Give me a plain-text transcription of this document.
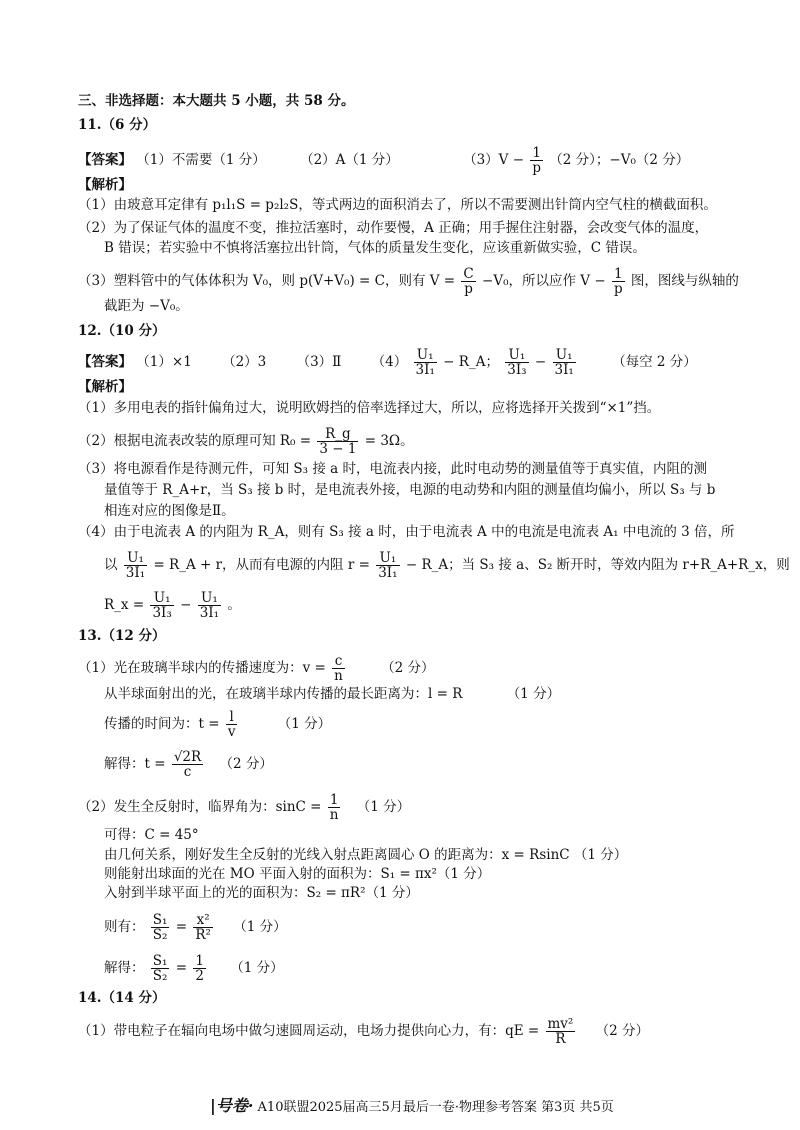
三、非选择题：本大题共 5 小题，共 58 分。
11.（6 分）
【答案】 （1）不需要（1 分）	（2）A（1 分）	$(3)V - \frac{1}{p} (2$ 分）；−V₀（2 分）
【解析】
（1）由玻意耳定律有 p₁l₁S = p₂l₂S，等式两边的面积消去了，所以不需要测出针筒内空气柱的横截面积。
（2）为了保证气体的温度不变，推拉活塞时，动作要慢，A 正确；用手握住注射器，会改变气体的温度，
B 错误；若实验中不慎将活塞拉出针筒，气体的质量发生变化，应该重新做实验，C 错误。
（3）塑料管中的气体体积为 V₀，则 p(V+V₀) = C，则有 $V = \frac{C}{p} -V_0$，所以应作 $V - \frac{1}{p}$ 图，图线与纵轴的
截距为 −V₀。
12.（10 分）
【答案】 （1）×1 （2）3 （3）Ⅱ $(4) \frac{\text{U₁}}{\text{3I₁}}$ − R_A； $\frac{\text{U₁}}{\text{3I₃}} - \frac{\text{U₁}}{\text{3I₁}}$	（每空 2 分）
【解析】
（1）多用电表的指针偏角过大，说明欧姆挡的倍率选择过大，所以，应将选择开关拨到“×1”挡。
（2）根据电流表改装的原理可知 $R_0 = \frac{R\_g}{3 - 1} = 3\Omega$。
（3）将电源看作是待测元件，可知 S₃ 接 a 时，电流表内接，此时电动势的测量值等于真实值，内阻的测
量值等于 R_A+r，当 S₃ 接 b 时，是电流表外接，电源的电动势和内阻的测量值均偏小，所以 S₃ 与 b
相连对应的图像是Ⅱ。
（4）由于电流表 A 的内阻为 R_A，则有 S₃ 接 a 时，由于电流表 A 中的电流是电流表 A₁ 中电流的 3 倍，所
以 $\frac{\text{U₁}}{\text{3I₁}}$ = R_A + r，从而有电源的内阻 $r = \frac{\text{U₁}}{\text{3I₁}}$ − R_A；当 S₃ 接 a、S₂ 断开时，等效内阻为 r+R_A+R_x，则
R_x = $\frac{\text{U₁}}{\text{3I₃}} - \frac{\text{U₁}}{\text{3I₁}}$ 。
13.（12 分）
（1）光在玻璃半球内的传播速度为：$v = \frac{c}{n}$	（2 分）
从半球面射出的光，在玻璃半球内传播的最长距离为：l = R	（1 分）
传播的时间为：$t = \frac{l}{v}$	（1 分）
解得：$t = \frac{√2R}{c} (2$ 分）
（2）发生全反射时，临界角为：$\sin C = \frac{1}{n} (1$ 分）
可得：C = 45°
由几何关系，刚好发生全反射的光线入射点距离圆心 O 的距离为：x = RsinC （1 分）
则能射出球面的光在 MO 平面入射的面积为：S₁ = πx²（1 分）
入射到半球平面上的光的面积为：S₂ = πR²（1 分）
则有： $\frac{\text{S₁}}{\text{S₂}} = \frac{\text{x²}}{\text{R²}} (1$ 分）
解得： $\frac{\text{S₁}}{\text{S₂}} = \frac{1}{2} (1$ 分）
14.（14 分）
（1）带电粒子在辐向电场中做匀速圆周运动，电场力提供向心力，有：qE = $\frac{\text{mv²}}{R} (2$ 分）
|号卷· A10联盟2025届高三5月最后一卷·物理参考答案 第3页 共5页
